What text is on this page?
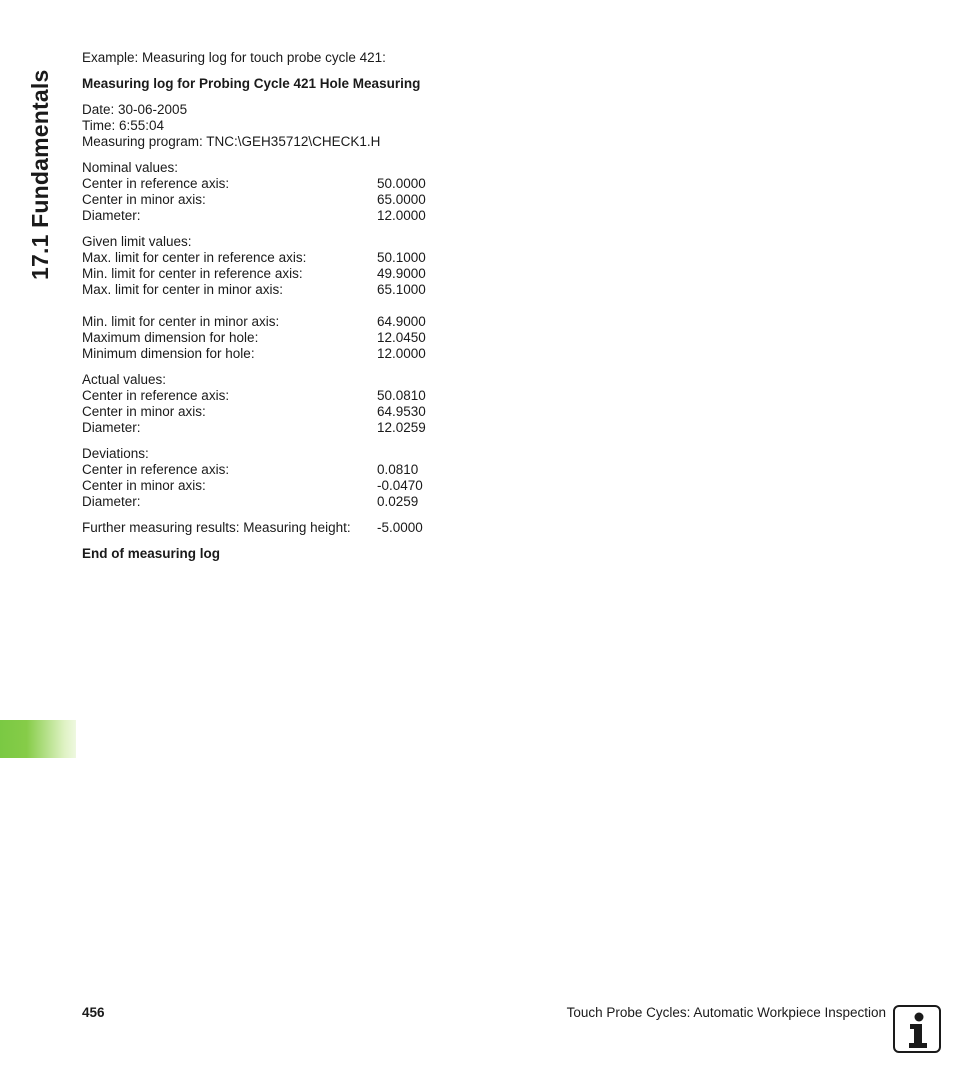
17.1 Fundamentals
Example: Measuring log for touch probe cycle 421:
Measuring log for Probing Cycle 421 Hole Measuring
Date: 30-06-2005
Time: 6:55:04
Measuring program: TNC:\GEH35712\CHECK1.H
Nominal values:
Center in reference axis:	50.0000
Center in minor axis:	65.0000
Diameter:	12.0000
Given limit values:
Max. limit for center in reference axis:	50.1000
Min. limit for center in reference axis:	49.9000
Max. limit for center in minor axis:	65.1000
Min. limit for center in minor axis:	64.9000
Maximum dimension for hole:	12.0450
Minimum dimension for hole:	12.0000
Actual values:
Center in reference axis:	50.0810
Center in minor axis:	64.9530
Diameter:	12.0259
Deviations:
Center in reference axis:	0.0810
Center in minor axis:	-0.0470
Diameter:	0.0259
Further measuring results: Measuring height:	-5.0000
End of measuring log
456	Touch Probe Cycles: Automatic Workpiece Inspection
